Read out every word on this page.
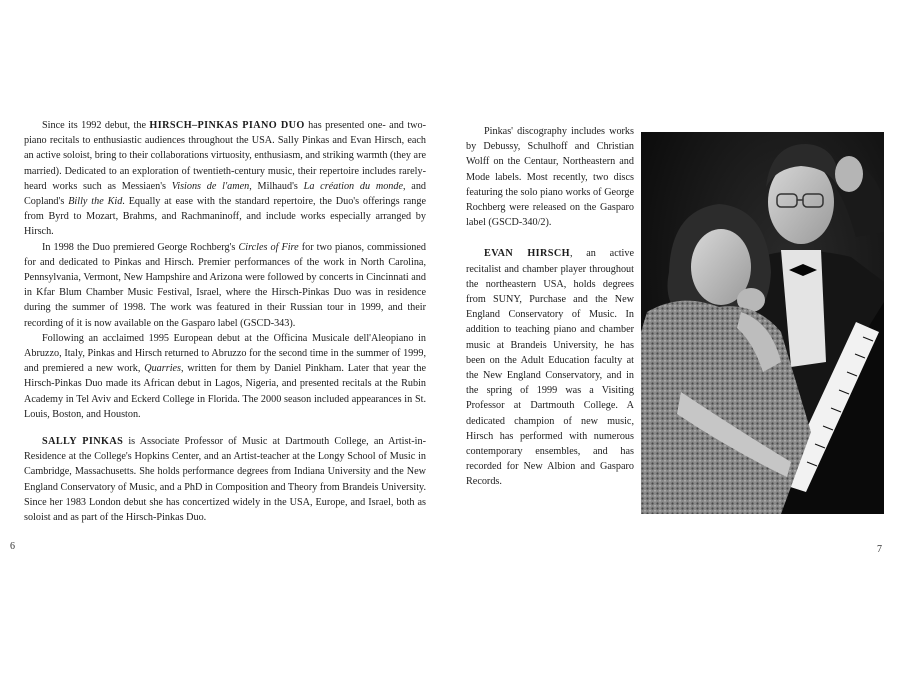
Since its 1992 debut, the HIRSCH–PINKAS PIANO DUO has presented one- and two-piano recitals to enthusiastic audiences throughout the USA. Sally Pinkas and Evan Hirsch, each an active soloist, bring to their collaborations virtuosity, enthusiasm, and striking warmth (they are married). Dedicated to an exploration of twentieth-century music, their repertoire includes rarely-heard works such as Messiaen's Visions de l'amen, Milhaud's La création du monde, and Copland's Billy the Kid. Equally at ease with the standard repertoire, the Duo's offerings range from Byrd to Mozart, Brahms, and Rachmaninoff, and include works especially arranged by Hirsch.

In 1998 the Duo premiered George Rochberg's Circles of Fire for two pianos, commissioned for and dedicated to Pinkas and Hirsch. Premier performances of the work in North Carolina, Pennsylvania, Vermont, New Hampshire and Arizona were followed by concerts in Cincinnati and in Kfar Blum Chamber Music Festival, Israel, where the Hirsch-Pinkas Duo was in residence during the summer of 1998. The work was featured in their Russian tour in 1999, and their recording of it is now available on the Gasparo label (GSCD-343).

Following an acclaimed 1995 European debut at the Officina Musicale dell'Aleopiano in Abruzzo, Italy, Pinkas and Hirsch returned to Abruzzo for the second time in the summer of 1999, and premiered a new work, Quarries, written for them by Daniel Pinkham. Later that year the Hirsch-Pinkas Duo made its African debut in Lagos, Nigeria, and presented recitals at the Rubin Academy in Tel Aviv and Eckerd College in Florida. The 2000 season included appearances in St. Louis, Boston, and Houston.

SALLY PINKAS is Associate Professor of Music at Dartmouth College, an Artist-in-Residence at the College's Hopkins Center, and an Artist-teacher at the Longy School of Music in Cambridge, Massachusetts. She holds performance degrees from Indiana University and the New England Conservatory of Music, and a PhD in Composition and Theory from Brandeis University. Since her 1983 London debut she has concertized widely in the USA, Europe, and Israel, both as soloist and as part of the Hirsch-Pinkas Duo.

Pinkas' discography includes works by Debussy, Schulhoff and Christian Wolff on the Centaur, Northeastern and Mode labels. Most recently, two discs featuring the solo piano works of George Rochberg were released on the Gasparo label (GSCD-340/2).

EVAN HIRSCH, an active recitalist and chamber player throughout the northeastern USA, holds degrees from SUNY, Purchase and the New England Conservatory of Music. In addition to teaching piano and chamber music at Brandeis University, he has been on the Adult Education faculty at the New England Conservatory, and in the spring of 1999 was a Visiting Professor at Dartmouth College. A dedicated champion of new music, Hirsch has performed with numerous contemporary ensembles, and has recorded for New Albion and Gasparo Records.

6	7
